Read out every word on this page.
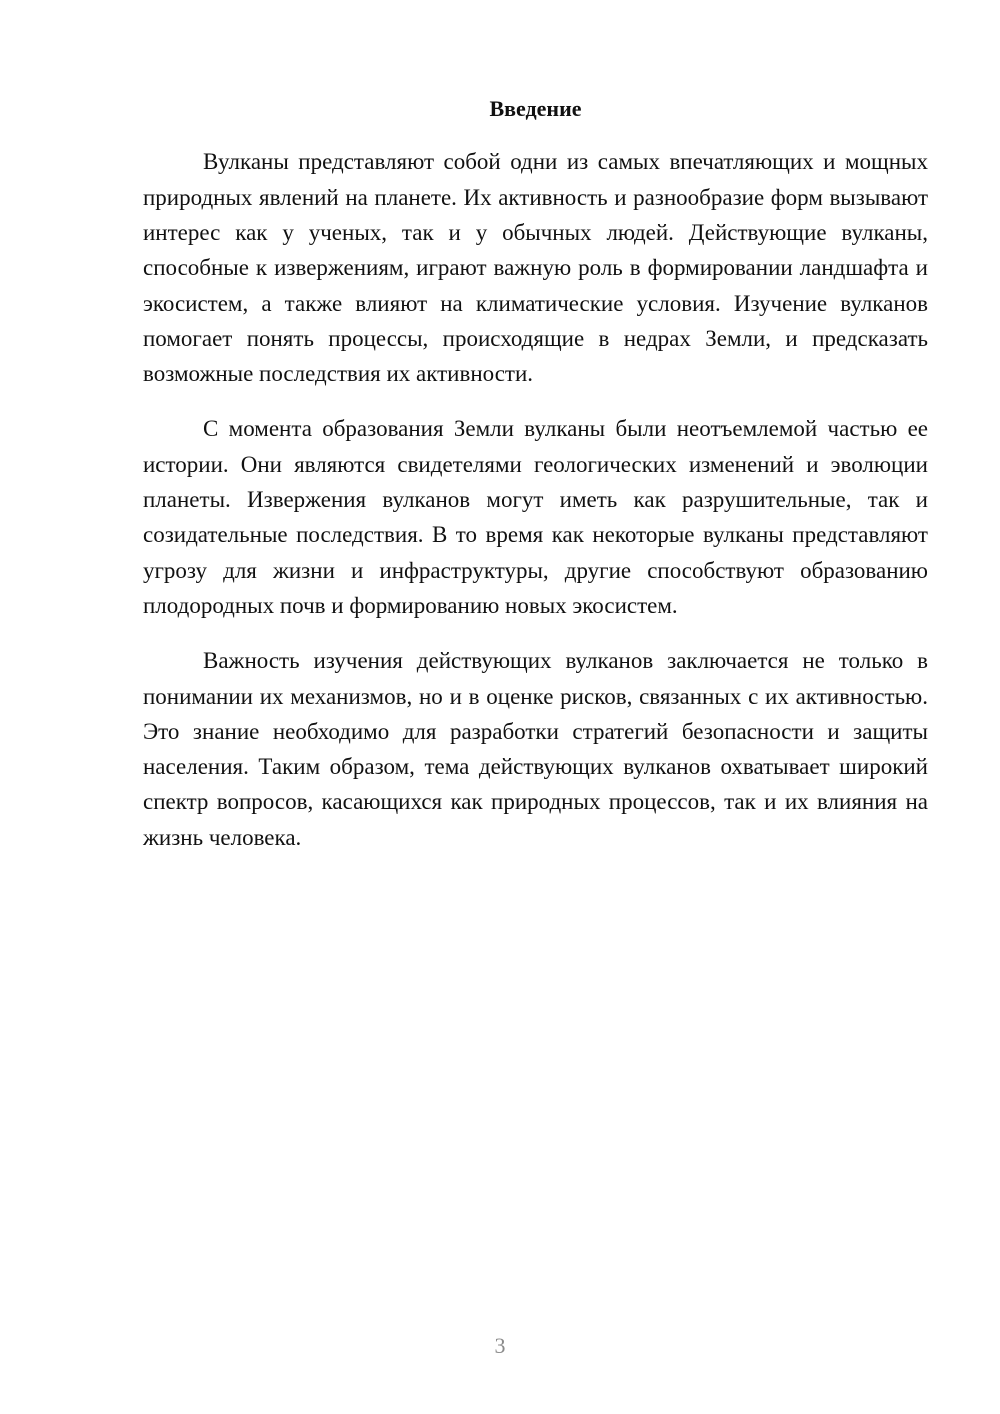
Введение

Вулканы представляют собой одни из самых впечатляющих и мощных природных явлений на планете. Их активность и разнообразие форм вызывают интерес как у ученых, так и у обычных людей. Действующие вулканы, способные к извержениям, играют важную роль в формировании ландшафта и экосистем, а также влияют на климатические условия. Изучение вулканов помогает понять процессы, происходящие в недрах Земли, и предсказать возможные последствия их активности.

С момента образования Земли вулканы были неотъемлемой частью ее истории. Они являются свидетелями геологических изменений и эволюции планеты. Извержения вулканов могут иметь как разрушительные, так и созидательные последствия. В то время как некоторые вулканы представляют угрозу для жизни и инфраструктуры, другие способствуют образованию плодородных почв и формированию новых экосистем.

Важность изучения действующих вулканов заключается не только в понимании их механизмов, но и в оценке рисков, связанных с их активностью. Это знание необходимо для разработки стратегий безопасности и защиты населения. Таким образом, тема действующих вулканов охватывает широкий спектр вопросов, касающихся как природных процессов, так и их влияния на жизнь человека.

3
